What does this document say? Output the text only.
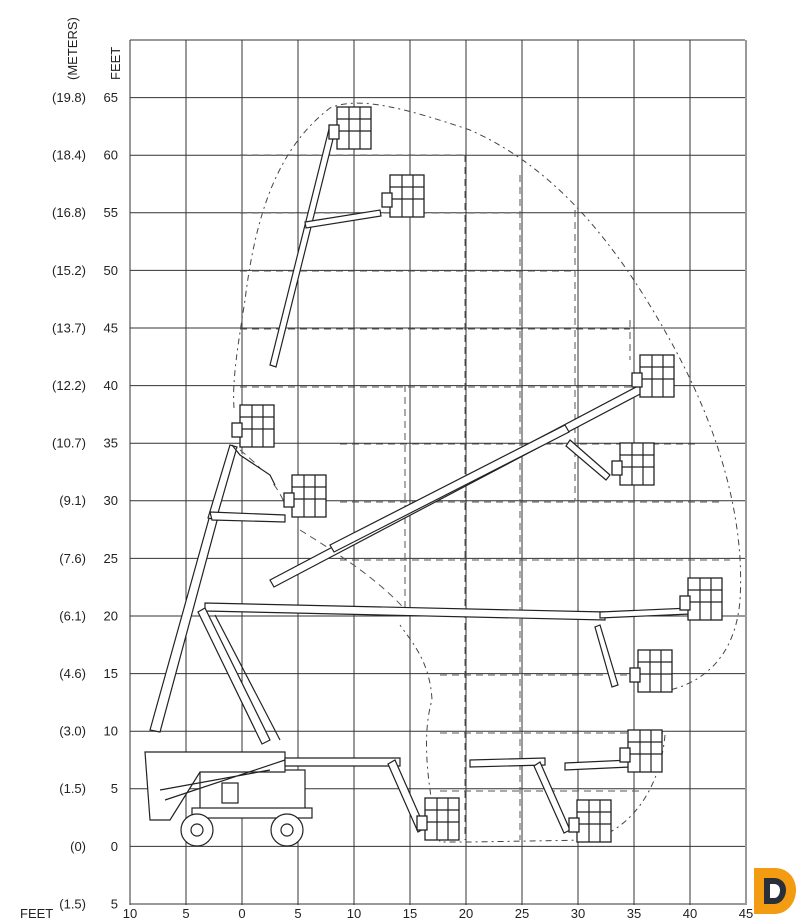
65
60
55
50
45
40
35
30
25
20
15
10
5
0
5
(19.8)
(18.4)
(16.8)
(15.2)
(13.7)
(12.2)
(10.7)
(9.1)
(7.6)
(6.1)
(4.6)
(3.0)
(1.5)
(0)
(1.5)
10	5	0	5	10	15	20	25	30	35	40	45
(METERS) FEET
FEET
